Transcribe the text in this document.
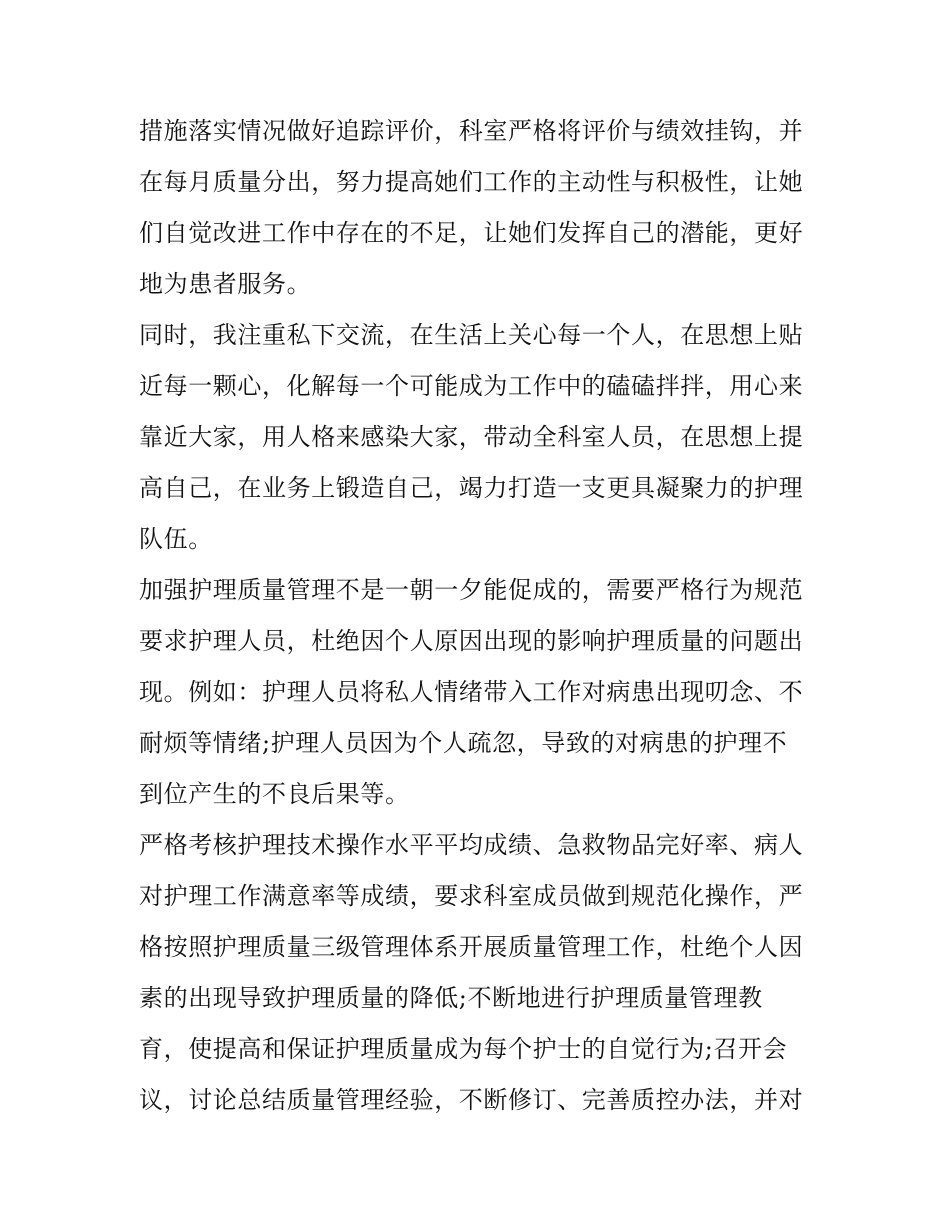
措施落实情况做好追踪评价，科室严格将评价与绩效挂钩，并
在每月质量分出，努力提高她们工作的主动性与积极性，让她
们自觉改进工作中存在的不足，让她们发挥自己的潜能，更好
地为患者服务。
同时，我注重私下交流，在生活上关心每一个人，在思想上贴
近每一颗心，化解每一个可能成为工作中的磕磕拌拌，用心来
靠近大家，用人格来感染大家，带动全科室人员，在思想上提
高自己，在业务上锻造自己，竭力打造一支更具凝聚力的护理
队伍。
加强护理质量管理不是一朝一夕能促成的，需要严格行为规范
要求护理人员，杜绝因个人原因出现的影响护理质量的问题出
现。例如：护理人员将私人情绪带入工作对病患出现叨念、不
耐烦等情绪;护理人员因为个人疏忽，导致的对病患的护理不
到位产生的不良后果等。
严格考核护理技术操作水平平均成绩、急救物品完好率、病人
对护理工作满意率等成绩，要求科室成员做到规范化操作，严
格按照护理质量三级管理体系开展质量管理工作，杜绝个人因
素的出现导致护理质量的降低;不断地进行护理质量管理教
育，使提高和保证护理质量成为每个护士的自觉行为;召开会
议，讨论总结质量管理经验，不断修订、完善质控办法，并对
